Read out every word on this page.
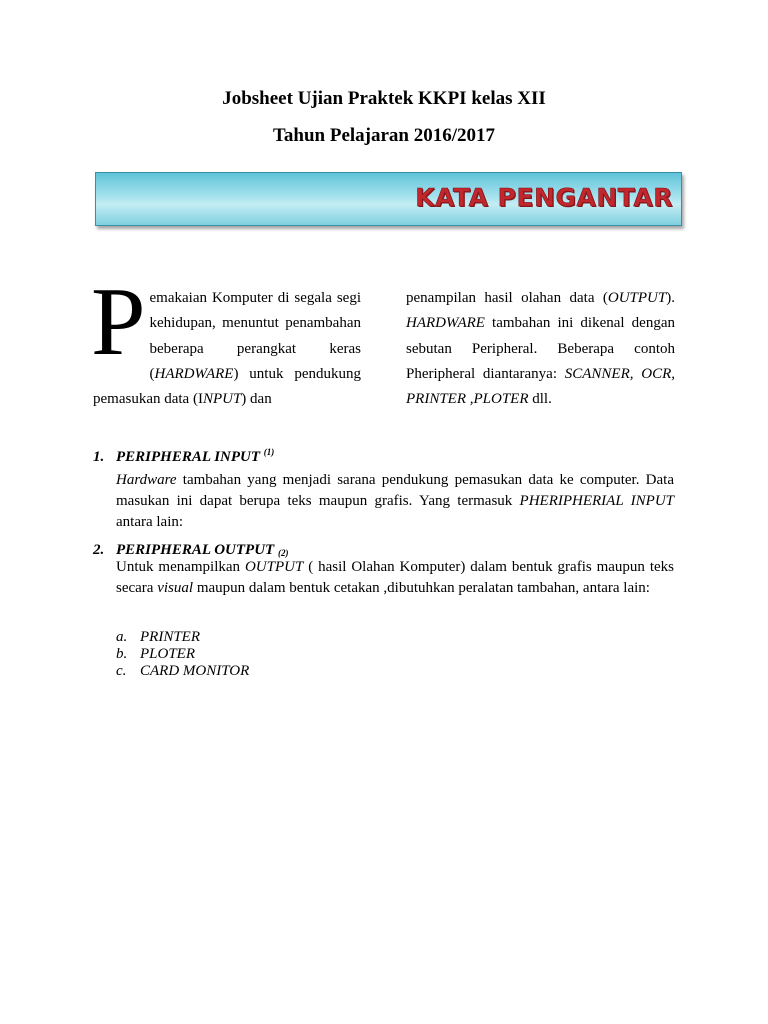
Jobsheet Ujian Praktek KKPI kelas XII
Tahun Pelajaran 2016/2017
KATA PENGANTAR
Pemakaian Komputer di segala segi kehidupan, menuntut penambahan beberapa perangkat keras (HARDWARE) untuk pendukung pemasukan data (INPUT) dan
penampilan hasil olahan data (OUTPUT). HARDWARE tambahan ini dikenal dengan sebutan Peripheral. Beberapa contoh Pheripheral diantaranya: SCANNER, OCR, PRINTER ,PLOTER dll.
1. PERIPHERAL INPUT $^{(1)}$
Hardware tambahan yang menjadi sarana pendukung pemasukan data ke computer. Data masukan ini dapat berupa teks maupun grafis. Yang termasuk PHERIPHERIAL INPUT antara lain:
2. PERIPHERAL OUTPUT (2)
Untuk menampilkan OUTPUT ( hasil Olahan Komputer) dalam bentuk grafis maupun teks secara visual maupun dalam bentuk cetakan ,dibutuhkan peralatan tambahan, antara lain:
a. PRINTER
b. PLOTER
c. CARD MONITOR
